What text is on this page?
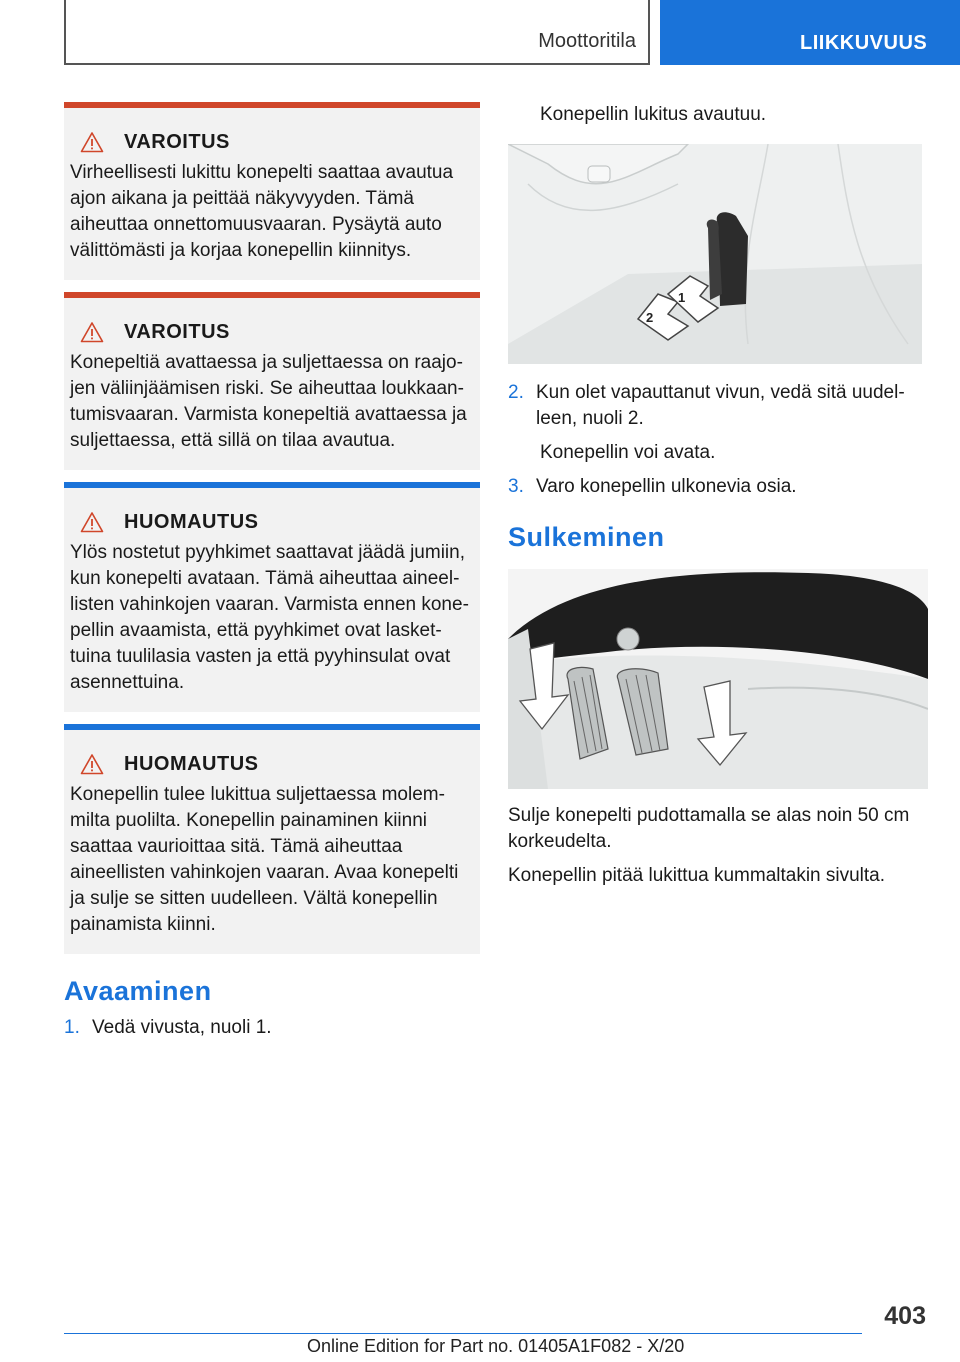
Moottoritila	LIIKKUVUUS
VAROITUS
Virheellisesti lukittu konepelti saattaa avautua ajon aikana ja peittää näkyvyyden. Tämä aiheuttaa onnettomuusvaaran. Pysäytä auto välittömästi ja korjaa konepellin kiinnitys.
VAROITUS
Konepeltiä avattaessa ja suljettaessa on raajojen väliinjäämisen riski. Se aiheuttaa loukkaantumisvaaran. Varmista konepeltiä avattaessa ja suljettaessa, että sillä on tilaa avautua.
HUOMAUTUS
Ylös nostetut pyyhkimet saattavat jäädä jumiin, kun konepelti avataan. Tämä aiheuttaa aineellisten vahinkojen vaaran. Varmista ennen konepellin avaamista, että pyyhkimet ovat laskettuina tuulilasia vasten ja että pyyhinsulat ovat asennettuina.
HUOMAUTUS
Konepellin tulee lukittua suljettaessa molemmilta puolilta. Konepellin painaminen kiinni saattaa vaurioittaa sitä. Tämä aiheuttaa aineellisten vahinkojen vaaran. Avaa konepelti ja sulje se sitten uudelleen. Vältä konepellin painamista kiinni.
Avaaminen
1. Vedä vivusta, nuoli 1.
Konepellin lukitus avautuu.
2
1
2. Kun olet vapauttanut vivun, vedä sitä uudelleen, nuoli 2.
Konepellin voi avata.
3. Varo konepellin ulkonevia osia.
Sulkeminen
Sulje konepelti pudottamalla se alas noin 50 cm korkeudelta.
Konepellin pitää lukittua kummaltakin sivulta.
403
Online Edition for Part no. 01405A1F082 - X/20
